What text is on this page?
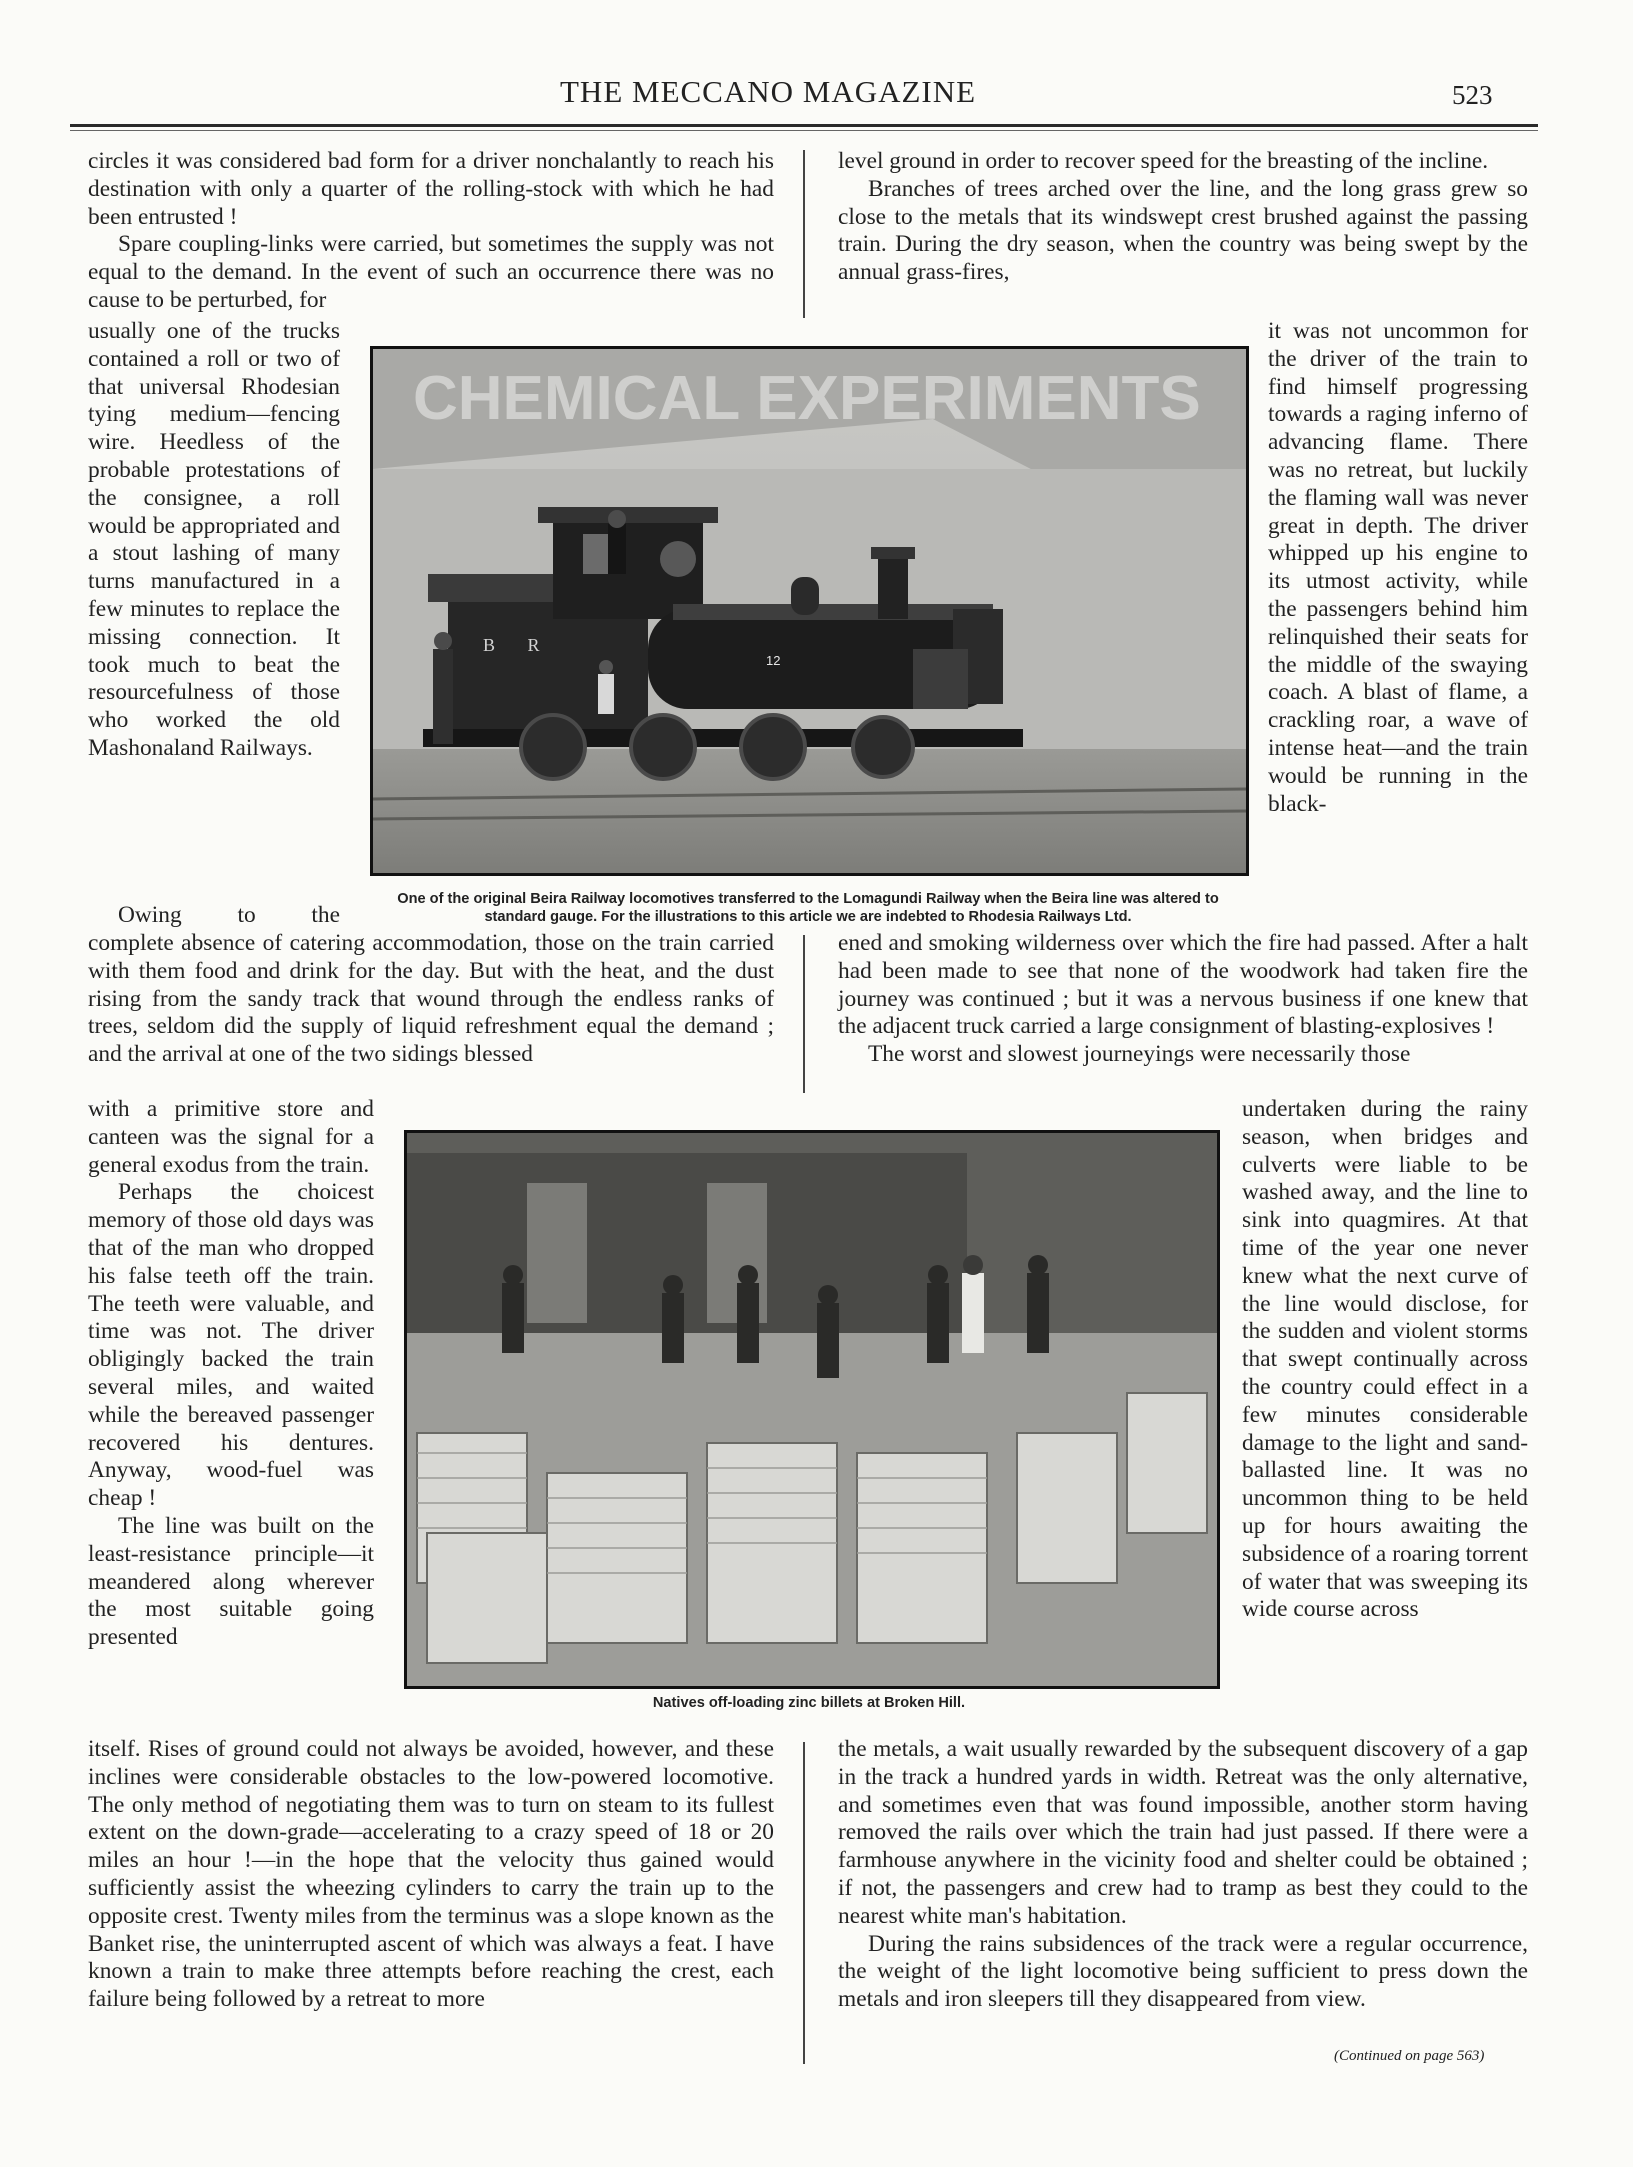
THE MECCANO MAGAZINE	523

circles it was considered bad form for a driver nonchalantly to reach his destination with only a quarter of the rolling-stock with which he had been entrusted !

Spare coupling-links were carried, but sometimes the supply was not equal to the demand. In the event of such an occurrence there was no cause to be perturbed, for

usually one of the trucks contained a roll or two of that universal Rhodesian tying medium—fencing wire. Heedless of the probable protestations of the consignee, a roll would be appropriated and a stout lashing of many turns manufactured in a few minutes to replace the missing connection. It took much to beat the resourcefulness of those who worked the old Mashonaland Railways.

Owing to the

complete absence of catering accommodation, those on the train carried with them food and drink for the day. But with the heat, and the dust rising from the sandy track that wound through the endless ranks of trees, seldom did the supply of liquid refreshment equal the demand ; and the arrival at one of the two sidings blessed

with a primitive store and canteen was the signal for a general exodus from the train.

Perhaps the choicest memory of those old days was that of the man who dropped his false teeth off the train. The teeth were valuable, and time was not. The driver obligingly backed the train several miles, and waited while the bereaved passenger recovered his dentures. Anyway, wood-fuel was cheap !

The line was built on the least-resistance principle—it meandered along wherever the most suitable going presented

itself. Rises of ground could not always be avoided, however, and these inclines were considerable obstacles to the low-powered locomotive. The only method of negotiating them was to turn on steam to its fullest extent on the down-grade—accelerating to a crazy speed of 18 or 20 miles an hour !—in the hope that the velocity thus gained would sufficiently assist the wheezing cylinders to carry the train up to the opposite crest. Twenty miles from the terminus was a slope known as the Banket rise, the uninterrupted ascent of which was always a feat. I have known a train to make three attempts before reaching the crest, each failure being followed by a retreat to more

level ground in order to recover speed for the breasting of the incline.

Branches of trees arched over the line, and the long grass grew so close to the metals that its windswept crest brushed against the passing train. During the dry season, when the country was being swept by the annual grass-fires,

it was not uncommon for the driver of the train to find himself progressing towards a raging inferno of advancing flame. There was no retreat, but luckily the flaming wall was never great in depth. The driver whipped up his engine to its utmost activity, while the passengers behind him relinquished their seats for the middle of the swaying coach. A blast of flame, a crackling roar, a wave of intense heat—and the train would be running in the black-

ened and smoking wilderness over which the fire had passed. After a halt had been made to see that none of the woodwork had taken fire the journey was continued ; but it was a nervous business if one knew that the adjacent truck carried a large consignment of blasting-explosives !

The worst and slowest journeyings were necessarily those

undertaken during the rainy season, when bridges and culverts were liable to be washed away, and the line to sink into quagmires. At that time of the year one never knew what the next curve of the line would disclose, for the sudden and violent storms that swept continually across the country could effect in a few minutes considerable damage to the light and sand-ballasted line. It was no uncommon thing to be held up for hours awaiting the subsidence of a roaring torrent of water that was sweeping its wide course across

the metals, a wait usually rewarded by the subsequent discovery of a gap in the track a hundred yards in width. Retreat was the only alternative, and sometimes even that was found impossible, another storm having removed the rails over which the train had just passed. If there were a farmhouse anywhere in the vicinity food and shelter could be obtained ; if not, the passengers and crew had to tramp as best they could to the nearest white man's habitation.

During the rains subsidences of the track were a regular occurrence, the weight of the light locomotive being sufficient to press down the metals and iron sleepers till they disappeared from view.

(Continued on page 563)
CHEMICAL EXPERIMENTS
12
B R
One of the original Beira Railway locomotives transferred to the Lomagundi Railway when the Beira line was altered to standard gauge. For the illustrations to this article we are indebted to Rhodesia Railways Ltd.
Natives off-loading zinc billets at Broken Hill.
